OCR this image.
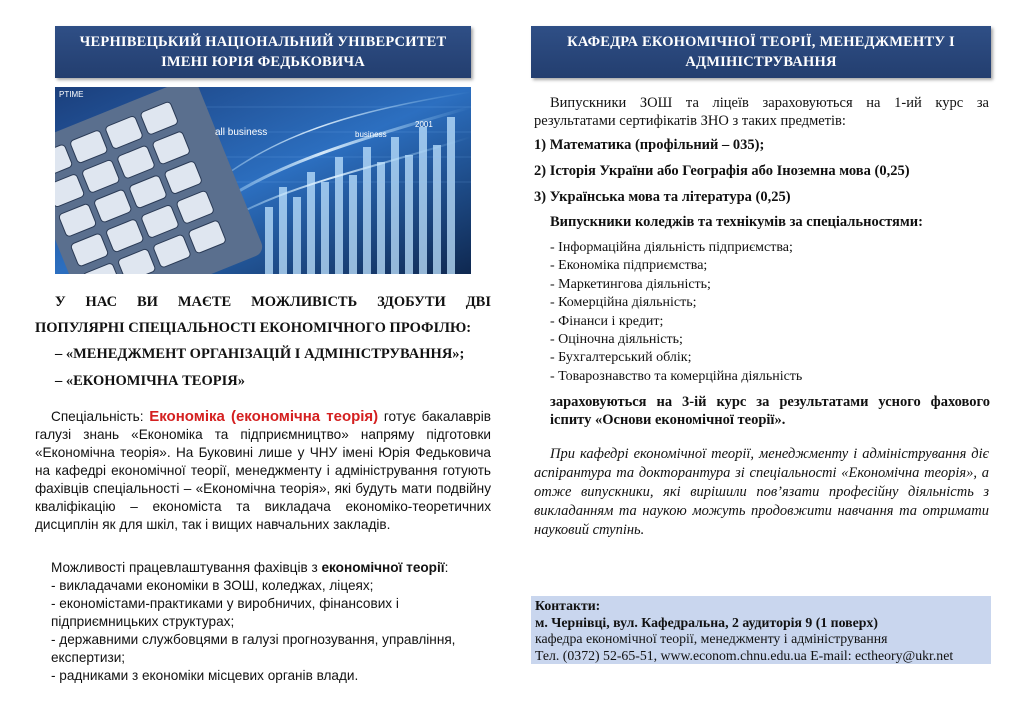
ЧЕРНІВЕЦЬКИЙ НАЦІОНАЛЬНИЙ УНІВЕРСИТЕТ
ІМЕНІ ЮРІЯ ФЕДЬКОВИЧА
PTIME
all business	business
2001
У НАС ВИ МАЄТЕ МОЖЛИВІСТЬ ЗДОБУТИ ДВІ
ПОПУЛЯРНІ СПЕЦІАЛЬНОСТІ ЕКОНОМІЧНОГО ПРОФІЛЮ:
– «МЕНЕДЖМЕНТ ОРГАНІЗАЦІЙ І АДМІНІСТРУВАННЯ»;
– «ЕКОНОМІЧНА ТЕОРІЯ»
Спеціальність: Економіка (економічна теорія) готує бакалаврів галузі знань «Економіка та підприємництво» напряму підготовки «Економічна теорія». На Буковині лише у ЧНУ імені Юрія Федьковича на кафедрі економічної теорії, менеджменту і адміністрування готують фахівців спеціальності – «Економічна теорія», які будуть мати подвійну кваліфікацію – економіста та викладача економіко-теоретичних дисциплін як для шкіл, так і вищих навчальних закладів.
Можливості працевлаштування фахівців з економічної теорії:
- викладачами економіки в ЗОШ, коледжах, ліцеях;
- економістами-практиками у виробничих, фінансових і підприємницьких структурах;
- державними службовцями в галузі прогнозування, управління, експертизи;
- радниками з економіки місцевих органів влади.
КАФЕДРА ЕКОНОМІЧНОЇ ТЕОРІЇ, МЕНЕДЖМЕНТУ І
АДМІНІСТРУВАННЯ
Випускники ЗОШ та ліцеїв зараховуються на 1-ий курс за результатами сертифікатів ЗНО з таких предметів:
1) Математика (профільний – 035);
2) Історія України або Географія або Іноземна мова (0,25)
3) Українська мова та література (0,25)
Випускники коледжів та технікумів за спеціальностями:
- Інформаційна діяльність підприємства;
- Економіка підприємства;
- Маркетингова діяльність;
- Комерційна діяльність;
- Фінанси і кредит;
- Оціночна діяльність;
- Бухгалтерський облік;
- Товарознавство та комерційна діяльність
зараховуються на 3-ій курс за результатами усного фахового іспиту «Основи економічної теорії».
При кафедрі економічної теорії, менеджменту і адміністрування діє аспірантура та докторантура зі спеціальності «Економічна теорія», а отже випускники, які вирішили пов’язати професійну діяльність з викладанням та наукою можуть продовжити навчання та отримати науковий ступінь.
Контакти:
м. Чернівці, вул. Кафедральна, 2 аудиторія 9 (1 поверх)
кафедра економічної теорії, менеджменту і адміністрування
Тел. (0372) 52-65-51, www.econom.chnu.edu.ua E-mail: ectheory@ukr.net
